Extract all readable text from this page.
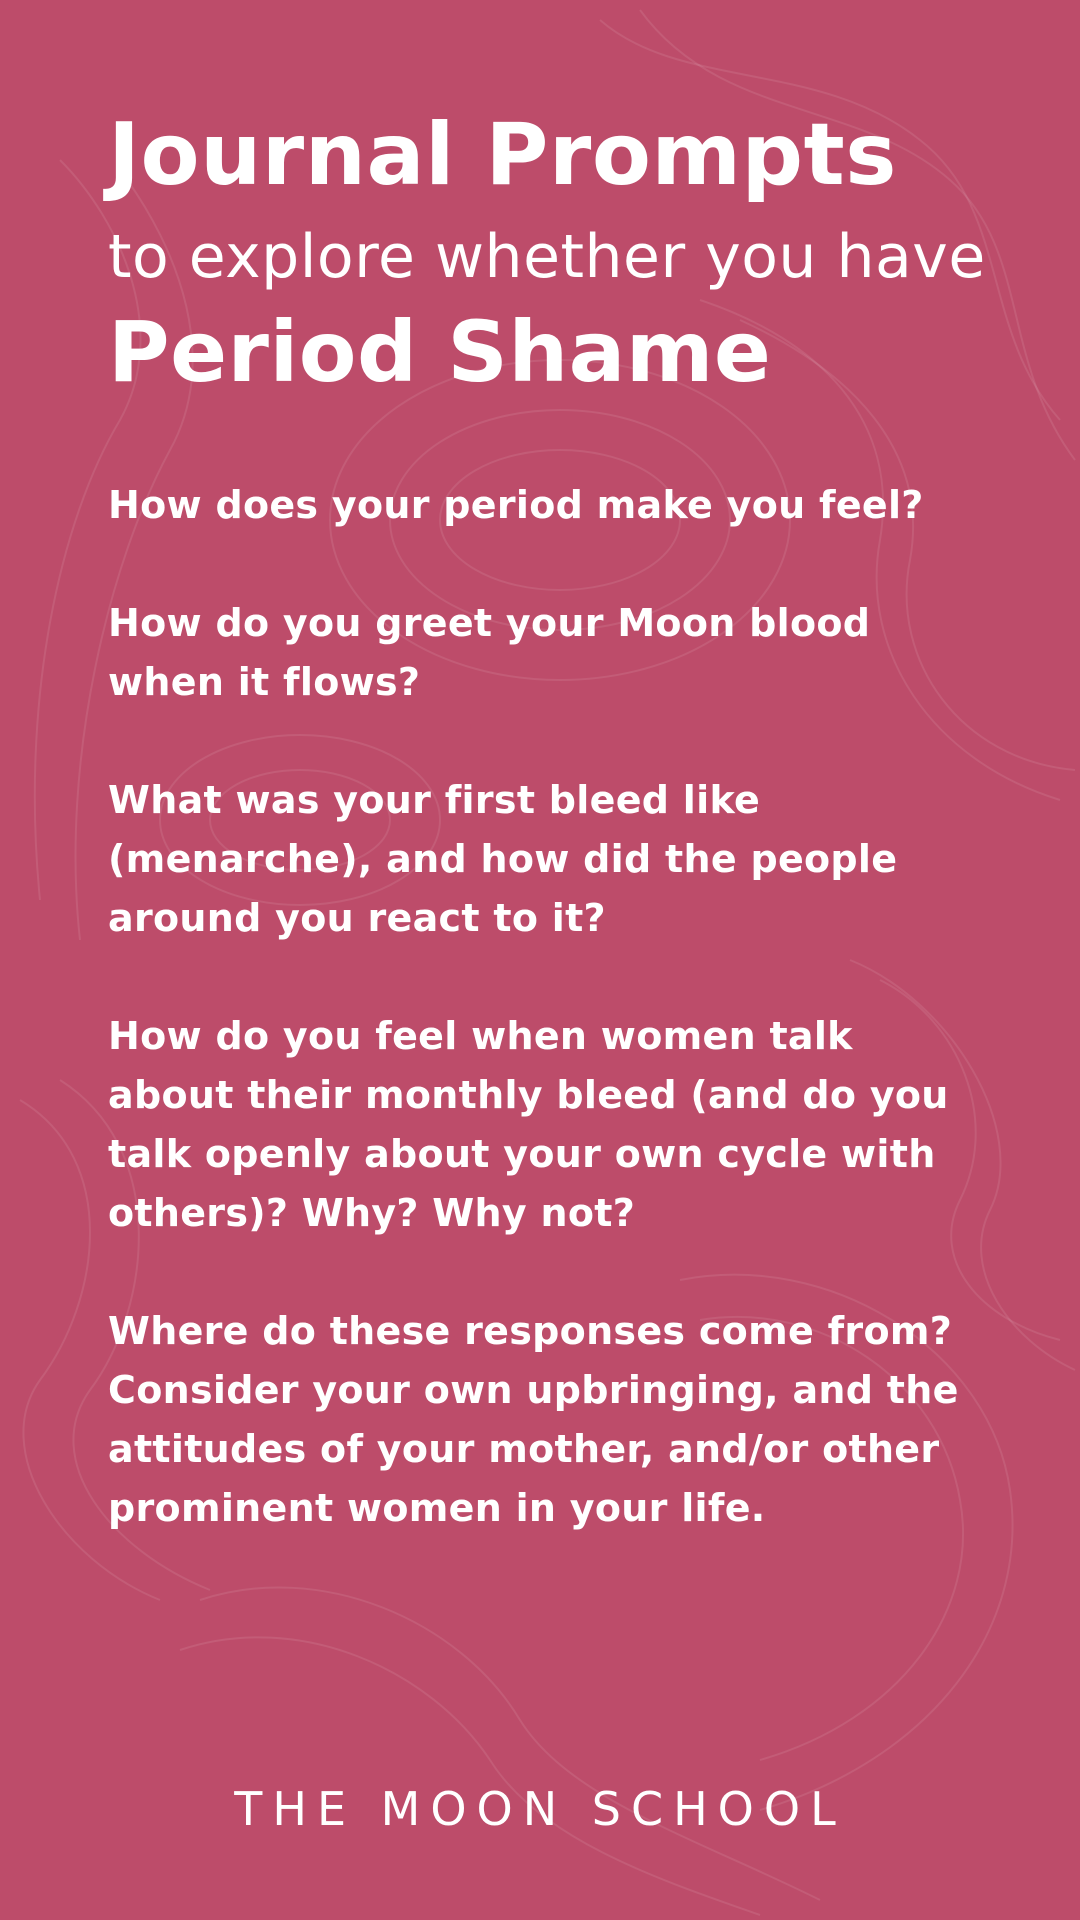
Journal Prompts
to explore whether you have
Period Shame
How does your period make you feel?
How do you greet your Moon blood when it flows?
What was your first bleed like (menarche), and how did the people around you react to it?
How do you feel when women talk about their monthly bleed (and do you talk openly about your own cycle with others)? Why? Why not?
Where do these responses come from? Consider your own upbringing, and the attitudes of your mother, and/or other prominent women in your life.
THE MOON SCHOOL
